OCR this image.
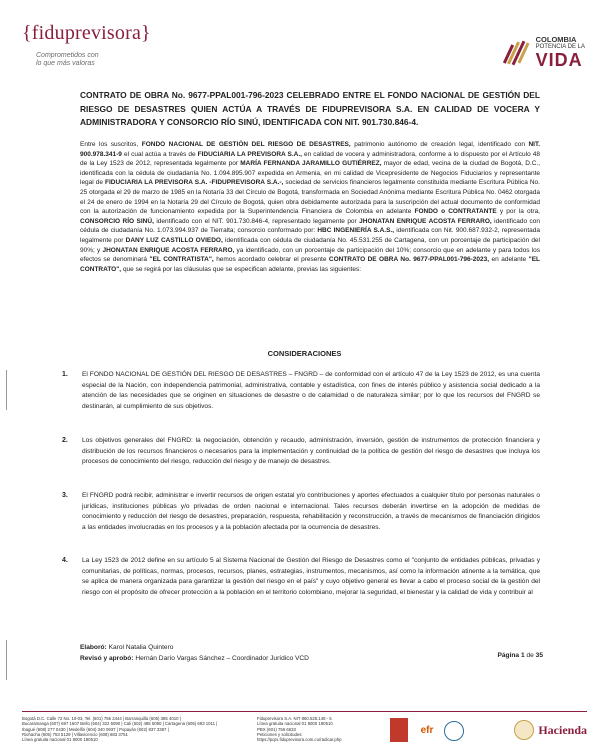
{fiduprevisora}
Comprometidos con
lo que más valoras
COLOMBIA
POTENCIA DE LA
VIDA
CONTRATO DE OBRA No. 9677-PPAL001-796-2023 CELEBRADO ENTRE EL FONDO NACIONAL DE GESTIÓN DEL RIESGO DE DESASTRES QUIEN ACTÚA A TRAVÉS DE FIDUPREVISORA S.A. EN CALIDAD DE VOCERA Y ADMINISTRADORA Y CONSORCIO RÍO SINÚ, IDENTIFICADA CON NIT. 901.730.846-4.
Entre los suscritos, FONDO NACIONAL DE GESTIÓN DEL RIESGO DE DESASTRES, patrimonio autónomo de creación legal, identificado con NIT. 900.978.341-9 el cual actúa a través de FIDUCIARIA LA PREVISORA S.A., en calidad de vocera y administradora, conforme a lo dispuesto por el Artículo 48 de la Ley 1523 de 2012, representada legalmente por MARÍA FERNANDA JARAMILLO GUTIÉRREZ, mayor de edad, vecina de la ciudad de Bogotá, D.C., identificada con la cédula de ciudadanía No. 1.094.895.907 expedida en Armenia, en mi calidad de Vicepresidente de Negocios Fiduciarios y representante legal de FIDUCIARIA LA PREVISORA S.A. -FIDUPREVISORA S.A.-, sociedad de servicios financieros legalmente constituida mediante Escritura Pública No. 25 otorgada el 29 de marzo de 1985 en la Notaría 33 del Círculo de Bogotá, transformada en Sociedad Anónima mediante Escritura Pública No. 0462 otorgada el 24 de enero de 1994 en la Notaría 29 del Círculo de Bogotá, quien obra debidamente autorizada para la suscripción del actual documento de conformidad con la autorización de funcionamiento expedida por la Superintendencia Financiera de Colombia en adelante FONDO o CONTRATANTE y por la otra, CONSORCIO RÍO SINÚ, identificado con el NIT. 901.730.846-4, representado legalmente por JHONATAN ENRIQUE ACOSTA FERRARO, identificado con cédula de ciudadanía No. 1.073.994.937 de Tierralta; consorcio conformado por: HBC INGENIERÍA S.A.S., identificada con Nit. 900.687.932-2, representada legalmente por DANY LUZ CASTILLO OVIEDO, identificada con cédula de ciudadanía No. 45.531.255 de Cartagena, con un porcentaje de participación del 90%; y JHONATAN ENRIQUE ACOSTA FERRARO, ya identificado, con un porcentaje de participación del 10%; consorcio que en adelante y para todos los efectos se denominará "EL CONTRATISTA", hemos acordado celebrar el presente CONTRATO DE OBRA No. 9677-PPAL001-796-2023, en adelante "EL CONTRATO", que se regirá por las cláusulas que se especifican adelante, previas las siguientes:
CONSIDERACIONES
1. El FONDO NACIONAL DE GESTIÓN DEL RIESGO DE DESASTRES – FNGRD – de conformidad con el artículo 47 de la Ley 1523 de 2012, es una cuenta especial de la Nación, con independencia patrimonial, administrativa, contable y estadística, con fines de interés público y asistencia social dedicado a la atención de las necesidades que se originen en situaciones de desastre o de calamidad o de naturaleza similar; por lo que los recursos del FNGRD se destinarán, al cumplimiento de sus objetivos.
2. Los objetivos generales del FNGRD: la negociación, obtención y recaudo, administración, inversión, gestión de instrumentos de protección financiera y distribución de los recursos financieros o necesarios para la implementación y continuidad de la política de gestión del riesgo de desastres que incluya los procesos de conocimiento del riesgo, reducción del riesgo y de manejo de desastres.
3. El FNGRD podrá recibir, administrar e invertir recursos de origen estatal y/o contribuciones y aportes efectuados a cualquier título por personas naturales o jurídicas, instituciones públicas y/o privadas de orden nacional e internacional. Tales recursos deberán invertirse en la adopción de medidas de conocimiento y reducción del riesgo de desastres, preparación, respuesta, rehabilitación y reconstrucción, a través de mecanismos de financiación dirigidos a las entidades involucradas en los procesos y a la población afectada por la ocurrencia de desastres.
4. La Ley 1523 de 2012 define en su artículo 5 al Sistema Nacional de Gestión del Riesgo de Desastres como el "conjunto de entidades públicas, privadas y comunitarias, de políticas, normas, procesos, recursos, planes, estrategias, instrumentos, mecanismos, así como la información atinente a la temática, que se aplica de manera organizada para garantizar la gestión del riesgo en el país" y cuyo objetivo general es llevar a cabo el proceso social de la gestión del riesgo con el propósito de ofrecer protección a la población en el territorio colombiano, mejorar la seguridad, el bienestar y la calidad de vida y contribuir al
Elaboró: Karol Natalia Quintero
Revisó y aprobó: Hernán Darío Vargas Sánchez – Coordinador Jurídico VCD	Página 1 de 35
Bogotá D.C. Calle 72 No. 10-03, Tel. (601) 756 2444 | Barranquilla (605) 385 4010 |
Bucaramanga (607) 697 1607 Bello (604) 322 5090 | Cali (602) 485 5090 | Cartagena (605) 693 1011 |
Ibagué (608) 277 0430 | Medellín (604) 340 0937 | Popayán (602) 837 3387 |
Riohacha (605) 753 5129 | Villavicencio (608) 683 3751
Línea gratuita nacional 01 8000 180510
Fiduprevisora S.A. NIT 860.525.148 - 5
Línea gratuita nacional 01 8000 180510
PBX (601) 756 6633
Peticiones y solicitudes:
https://pqrs.fiduprevisora.com.co/radicar.php
efr	Hacienda
